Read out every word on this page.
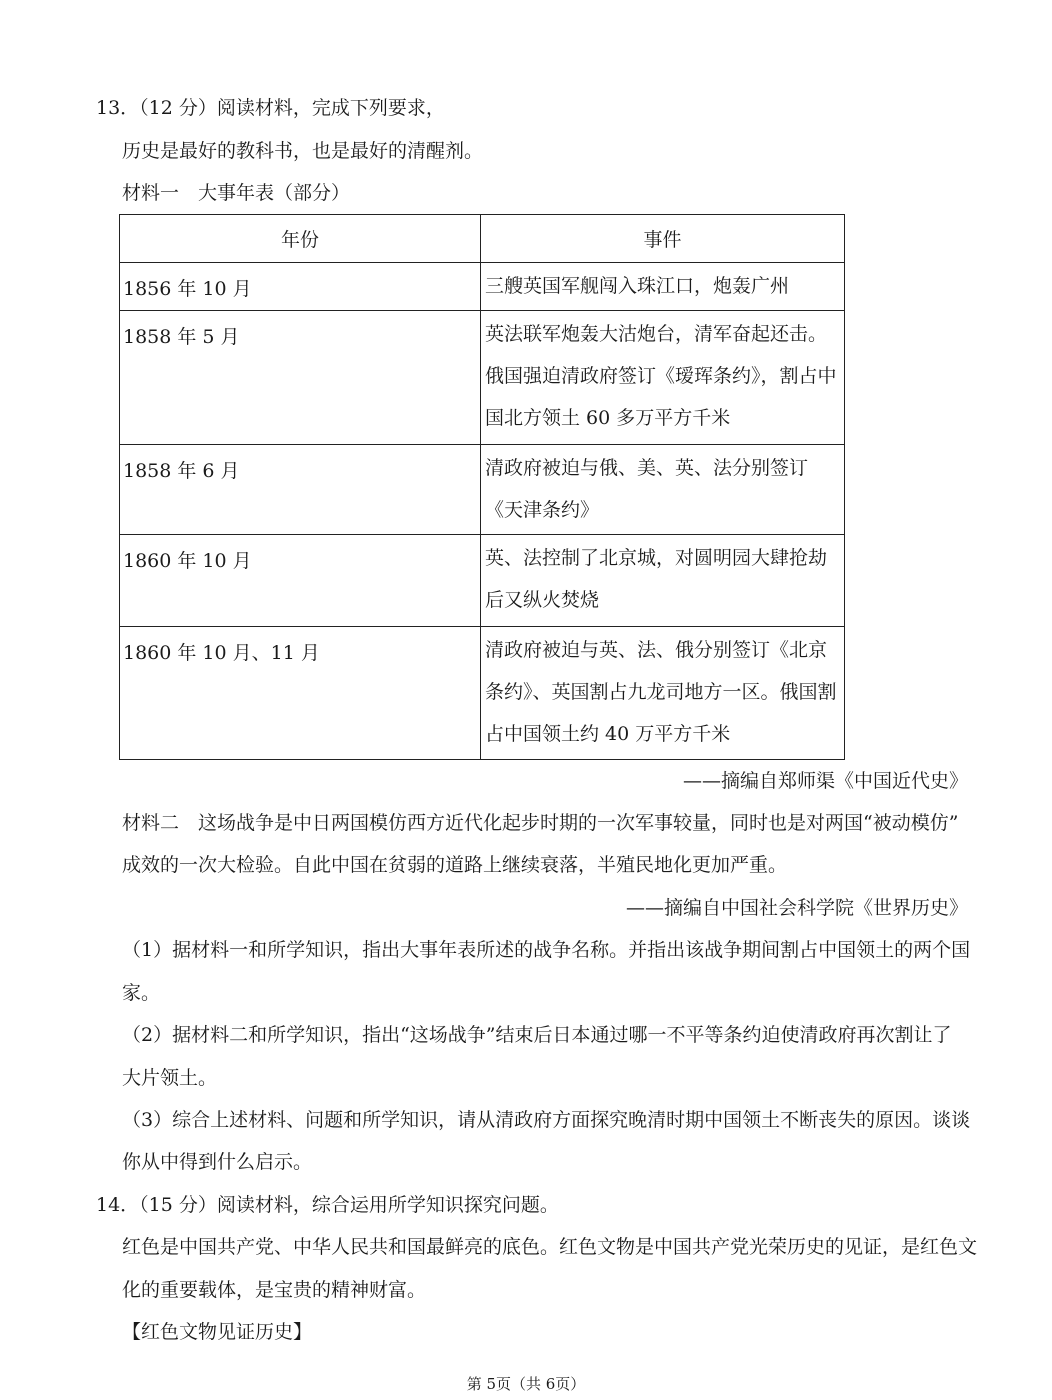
13．（12 分）阅读材料，完成下列要求，
历史是最好的教科书，也是最好的清醒剂。
材料一　大事年表（部分）
年份	事件
1856 年 10 月	三艘英国军舰闯入珠江口，炮轰广州

1858 年 5 月	英法联军炮轰大沽炮台，清军奋起还击。俄国强迫清政府签订《瑷珲条约》，割占中国北方领土 60 多万平方千米

1858 年 6 月	清政府被迫与俄、美、英、法分别签订《天津条约》

1860 年 10 月	英、法控制了北京城，对圆明园大肆抢劫后又纵火焚烧

1860 年 10 月、11 月	清政府被迫与英、法、俄分别签订《北京条约》、英国割占九龙司地方一区。俄国割占中国领土约 40 万平方千米
——摘编自郑师渠《中国近代史》
材料二　这场战争是中日两国模仿西方近代化起步时期的一次军事较量，同时也是对两国“被动模仿”
成效的一次大检验。自此中国在贫弱的道路上继续衰落，半殖民地化更加严重。
——摘编自中国社会科学院《世界历史》
（1）据材料一和所学知识，指出大事年表所述的战争名称。并指出该战争期间割占中国领土的两个国
家。
（2）据材料二和所学知识，指出“这场战争”结束后日本通过哪一不平等条约迫使清政府再次割让了
大片领土。
（3）综合上述材料、问题和所学知识，请从清政府方面探究晚清时期中国领土不断丧失的原因。谈谈
你从中得到什么启示。
14．（15 分）阅读材料，综合运用所学知识探究问题。
红色是中国共产党、中华人民共和国最鲜亮的底色。红色文物是中国共产党光荣历史的见证，是红色文
化的重要载体，是宝贵的精神财富。
【红色文物见证历史】
第 5页（共 6页）
